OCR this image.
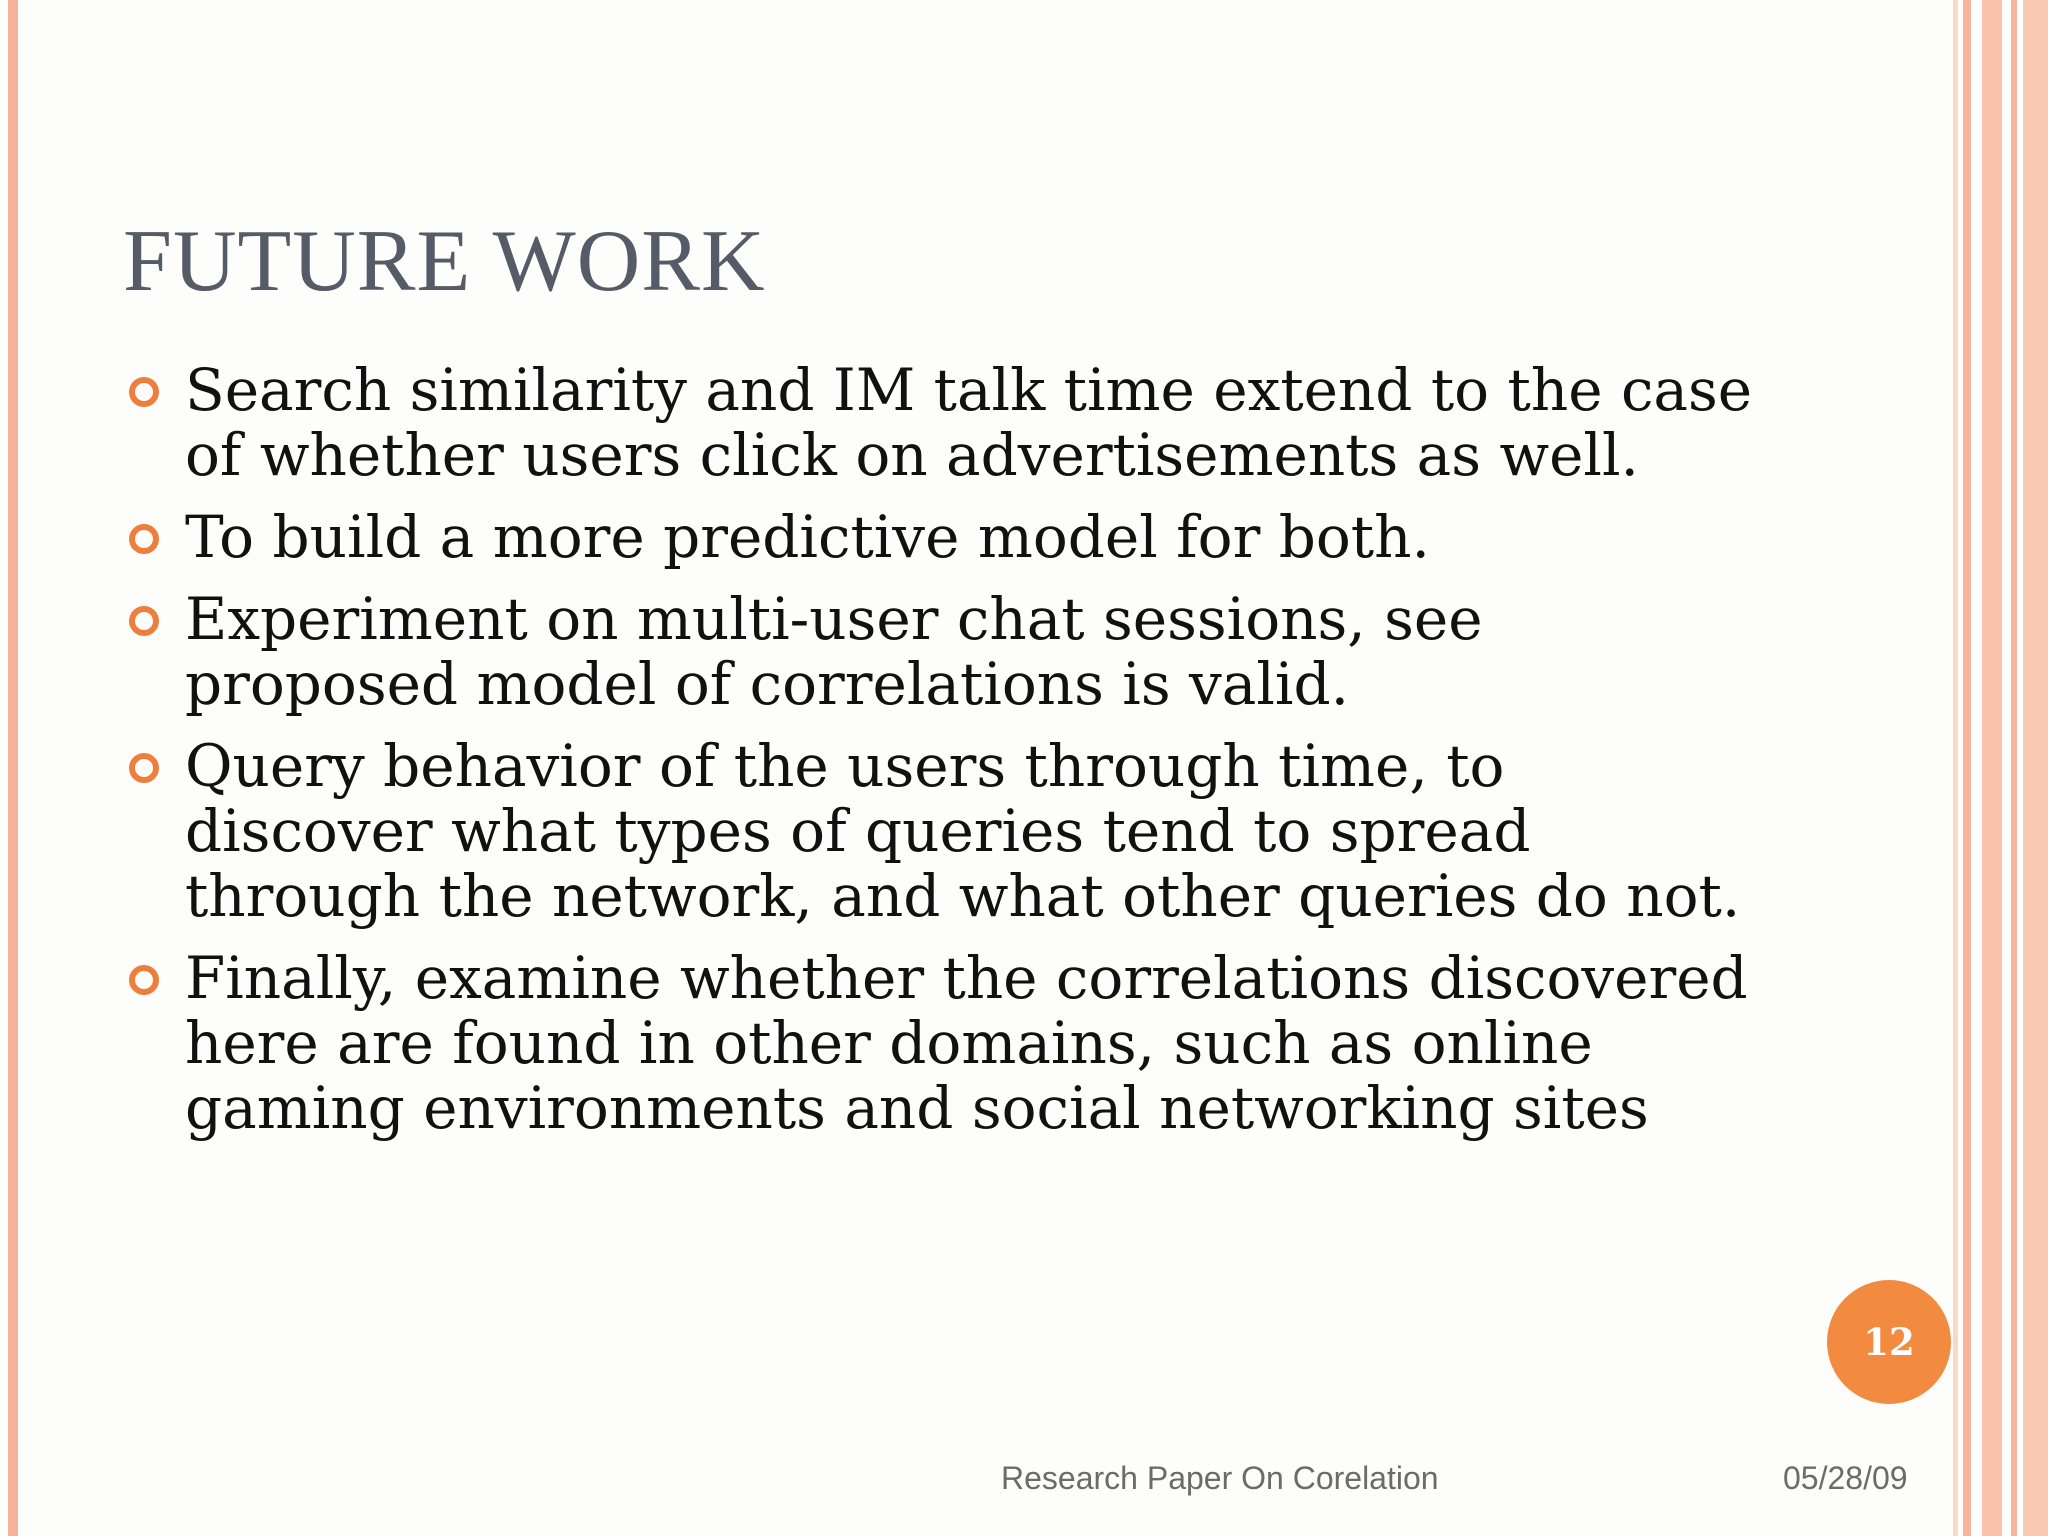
FUTURE WORK
Search similarity and IM talk time extend to the case of whether users click on advertisements as well.
To build a more predictive model for both.
Experiment on multi-user chat sessions, see proposed model of correlations is valid.
Query behavior of the users through time, to discover what types of queries tend to spread through the network, and what other queries do not.
Finally, examine whether the correlations discovered here are found in other domains, such as online gaming environments and social networking sites
12
Research Paper On Corelation	05/28/09
